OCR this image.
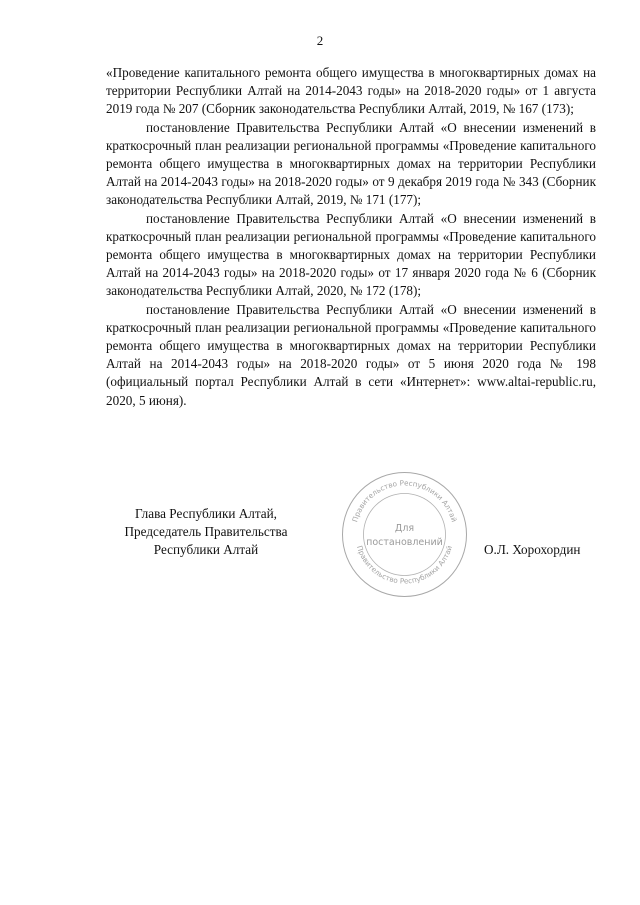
2

«Проведение капитального ремонта общего имущества в многоквартирных домах на территории Республики Алтай на 2014-2043 годы» на 2018-2020 годы» от 1 августа 2019 года № 207 (Сборник законодательства Республики Алтай, 2019, № 167 (173);

постановление Правительства Республики Алтай «О внесении изменений в краткосрочный план реализации региональной программы «Проведение капитального ремонта общего имущества в многоквартирных домах на территории Республики Алтай на 2014-2043 годы» на 2018-2020 годы» от 9 декабря 2019 года № 343 (Сборник законодательства Республики Алтай, 2019, № 171 (177);

постановление Правительства Республики Алтай «О внесении изменений в краткосрочный план реализации региональной программы «Проведение капитального ремонта общего имущества в многоквартирных домах на территории Республики Алтай на 2014-2043 годы» на 2018-2020 годы» от 17 января 2020 года № 6 (Сборник законодательства Республики Алтай, 2020, № 172 (178);

постановление Правительства Республики Алтай «О внесении изменений в краткосрочный план реализации региональной программы «Проведение капитального ремонта общего имущества в многоквартирных домах на территории Республики Алтай на 2014-2043 годы» на 2018-2020 годы» от 5 июня 2020 года № 198 (официальный портал Республики Алтай в сети «Интернет»: www.altai-republic.ru, 2020, 5 июня).

Глава Республики Алтай,
Председатель Правительства
Республики Алтай
Правительство Республики Алтай
Правительство Республики Алтай
Для
постановлений	О.Л. Хорохордин
